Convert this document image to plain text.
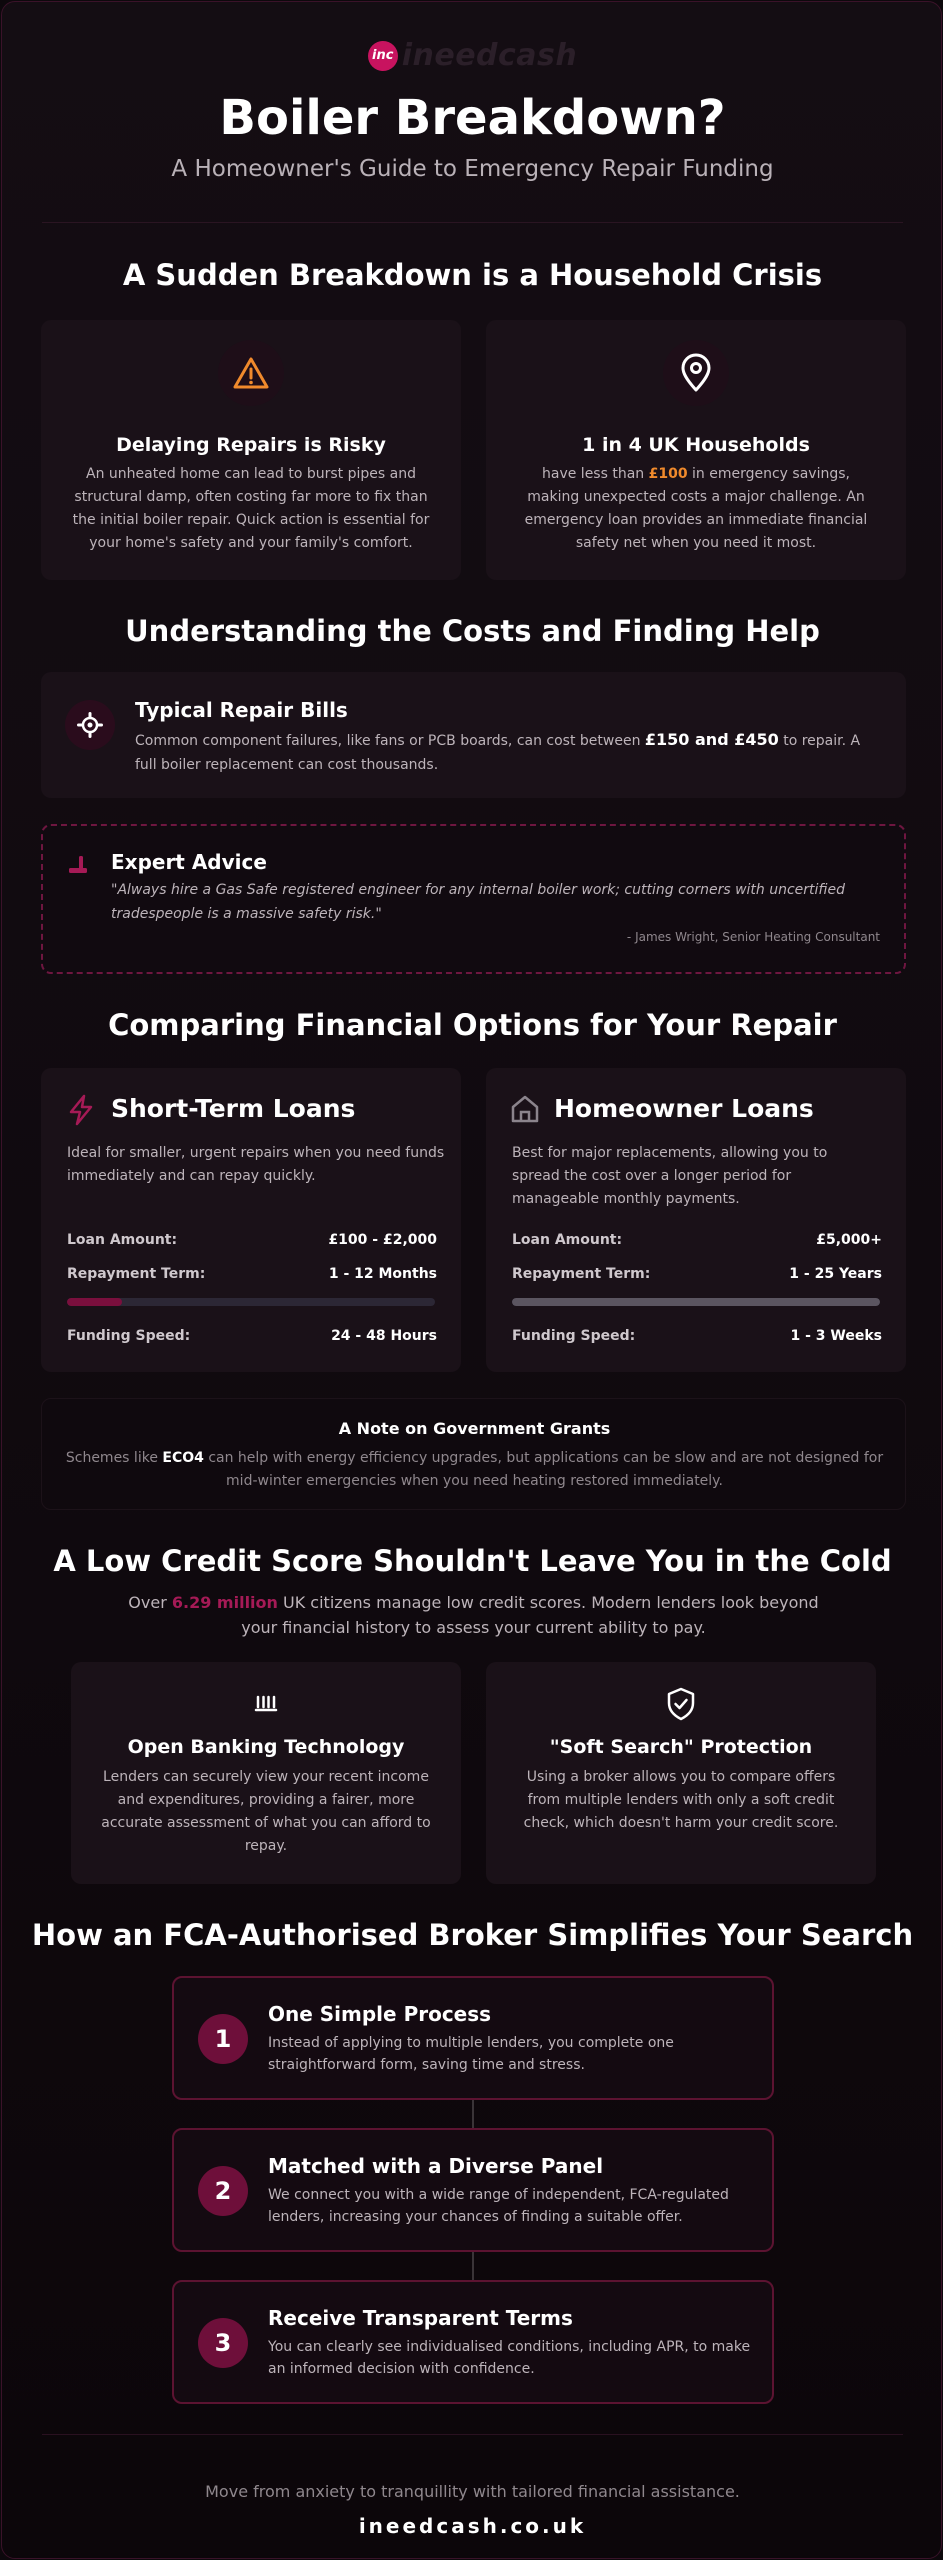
inc ineedcash
Boiler Breakdown?
A Homeowner's Guide to Emergency Repair Funding
A Sudden Breakdown is a Household Crisis
Delaying Repairs is Risky
An unheated home can lead to burst pipes and structural damp, often costing far more to fix than the initial boiler repair. Quick action is essential for your home's safety and your family's comfort.
1 in 4 UK Households
have less than £100 in emergency savings, making unexpected costs a major challenge. An emergency loan provides an immediate financial safety net when you need it most.
Understanding the Costs and Finding Help
Typical Repair Bills
Common component failures, like fans or PCB boards, can cost between £150 and £450 to repair. A full boiler replacement can cost thousands.
Expert Advice
"Always hire a Gas Safe registered engineer for any internal boiler work; cutting corners with uncertified tradespeople is a massive safety risk."
- James Wright, Senior Heating Consultant
Comparing Financial Options for Your Repair
Short-Term Loans
Ideal for smaller, urgent repairs when you need funds immediately and can repay quickly.
Loan Amount:	£100 - £2,000
Repayment Term:	1 - 12 Months
Funding Speed:	24 - 48 Hours
Homeowner Loans
Best for major replacements, allowing you to spread the cost over a longer period for manageable monthly payments.
Loan Amount:	£5,000+
Repayment Term:	1 - 25 Years
Funding Speed:	1 - 3 Weeks
A Note on Government Grants
Schemes like ECO4 can help with energy efficiency upgrades, but applications can be slow and are not designed for mid-winter emergencies when you need heating restored immediately.
A Low Credit Score Shouldn't Leave You in the Cold
Over 6.29 million UK citizens manage low credit scores. Modern lenders look beyond your financial history to assess your current ability to pay.
Open Banking Technology
Lenders can securely view your recent income and expenditures, providing a fairer, more accurate assessment of what you can afford to repay.
"Soft Search" Protection
Using a broker allows you to compare offers from multiple lenders with only a soft credit check, which doesn't harm your credit score.
How an FCA-Authorised Broker Simplifies Your Search
1
One Simple Process
Instead of applying to multiple lenders, you complete one straightforward form, saving time and stress.
2
Matched with a Diverse Panel
We connect you with a wide range of independent, FCA-regulated lenders, increasing your chances of finding a suitable offer.
3
Receive Transparent Terms
You can clearly see individualised conditions, including APR, to make an informed decision with confidence.
Move from anxiety to tranquillity with tailored financial assistance.
ineedcash.co.uk
